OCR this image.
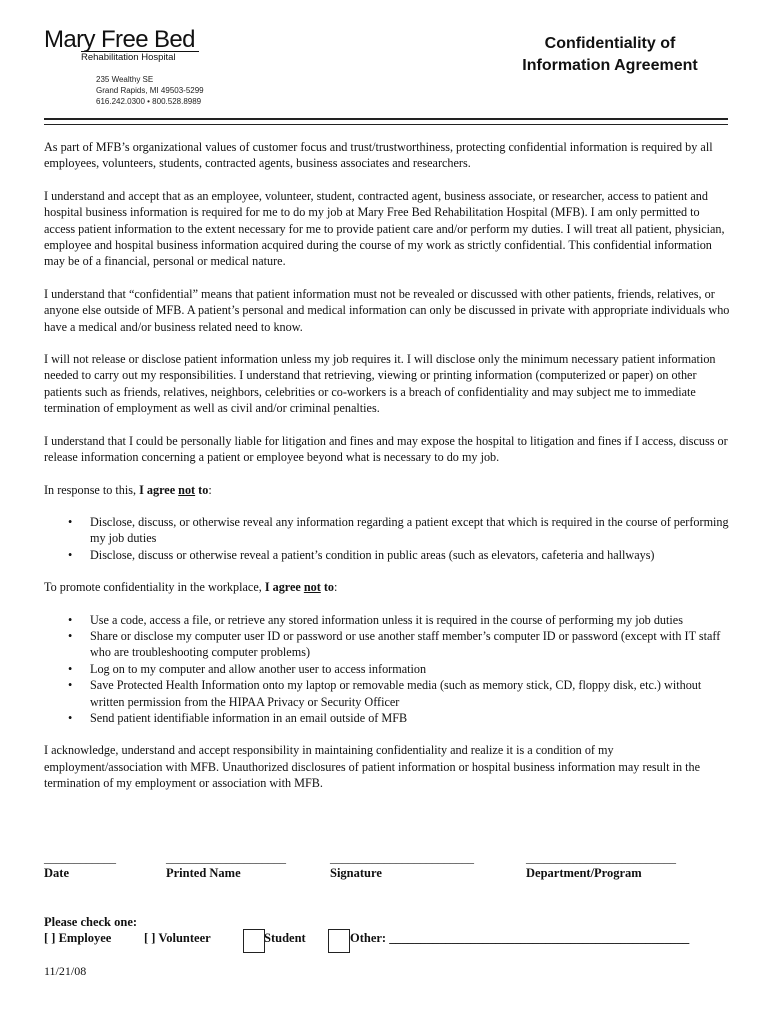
Mary Free Bed
Rehabilitation Hospital
235 Wealthy SE
Grand Rapids, MI 49503-5299
616.242.0300 • 800.528.8989
Confidentiality of
Information Agreement

As part of MFB’s organizational values of customer focus and trust/trustworthiness, protecting confidential information is required by all employees, volunteers, students, contracted agents, business associates and researchers.

I understand and accept that as an employee, volunteer, student, contracted agent, business associate, or researcher, access to patient and hospital business information is required for me to do my job at Mary Free Bed Rehabilitation Hospital (MFB). I am only permitted to access patient information to the extent necessary for me to provide patient care and/or perform my duties. I will treat all patient, physician, employee and hospital business information acquired during the course of my work as strictly confidential. This confidential information may be of a financial, personal or medical nature.

I understand that “confidential” means that patient information must not be revealed or discussed with other patients, friends, relatives, or anyone else outside of MFB. A patient’s personal and medical information can only be discussed in private with appropriate individuals who have a medical and/or business related need to know.

I will not release or disclose patient information unless my job requires it. I will disclose only the minimum necessary patient information needed to carry out my responsibilities. I understand that retrieving, viewing or printing information (computerized or paper) on other patients such as friends, relatives, neighbors, celebrities or co-workers is a breach of confidentiality and may subject me to immediate termination of employment as well as civil and/or criminal penalties.

I understand that I could be personally liable for litigation and fines and may expose the hospital to litigation and fines if I access, discuss or release information concerning a patient or employee beyond what is necessary to do my job.

In response to this, I agree not to:

• Disclose, discuss, or otherwise reveal any information regarding a patient except that which is required in the course of performing my job duties
• Disclose, discuss or otherwise reveal a patient’s condition in public areas (such as elevators, cafeteria and hallways)

To promote confidentiality in the workplace, I agree not to:

• Use a code, access a file, or retrieve any stored information unless it is required in the course of performing my job duties
• Share or disclose my computer user ID or password or use another staff member’s computer ID or password (except with IT staff who are troubleshooting computer problems)
• Log on to my computer and allow another user to access information
• Save Protected Health Information onto my laptop or removable media (such as memory stick, CD, floppy disk, etc.) without written permission from the HIPAA Privacy or Security Officer
• Send patient identifiable information in an email outside of MFB

I acknowledge, understand and accept responsibility in maintaining confidentiality and realize it is a condition of my employment/association with MFB. Unauthorized disclosures of patient information or hospital business information may result in the termination of my employment or association with MFB.

____________	____________________	________________________	_________________________
Date	Printed Name	Signature	Department/Program
Please check one:
[ ] Employee	[ ] Volunteer	Student	Other: ________________________________________________
11/21/08
